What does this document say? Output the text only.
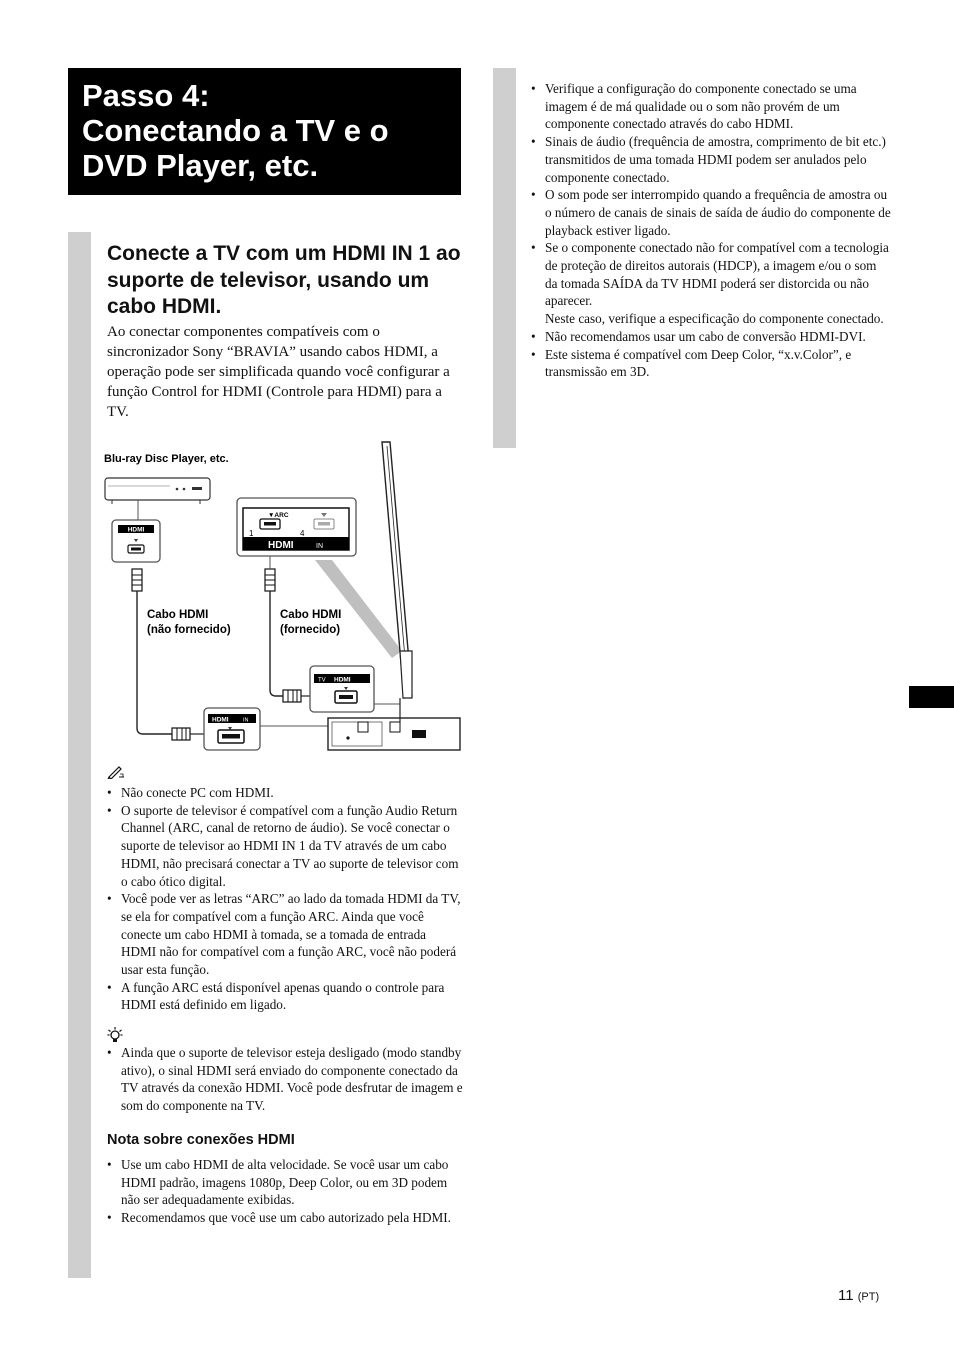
Passo 4:
Conectando a TV e o
DVD Player, etc.
Conecte a TV com um HDMI IN 1 ao suporte de televisor, usando um cabo HDMI.
Ao conectar componentes compatíveis com o sincronizador Sony “BRAVIA” usando cabos HDMI, a operação pode ser simplificada quando você configurar a função Control for HDMI (Controle para HDMI) para a TV.
Blu-ray Disc Player, etc.
HDMI
Cabo HDMI
(não fornecido)
▼ARC
1	4
HDMI	IN
Cabo HDMI
(fornecido)
TV HDMI
HDMI	IN
• Não conecte PC com HDMI.
• O suporte de televisor é compatível com a função Audio Return Channel (ARC, canal de retorno de áudio). Se você conectar o suporte de televisor ao HDMI IN 1 da TV através de um cabo HDMI, não precisará conectar a TV ao suporte de televisor com o cabo ótico digital.
• Você pode ver as letras “ARC” ao lado da tomada HDMI da TV, se ela for compatível com a função ARC. Ainda que você conecte um cabo HDMI à tomada, se a tomada de entrada HDMI não for compatível com a função ARC, você não poderá usar esta função.
• A função ARC está disponível apenas quando o controle para HDMI está definido em ligado.
• Ainda que o suporte de televisor esteja desligado (modo standby ativo), o sinal HDMI será enviado do componente conectado da TV através da conexão HDMI. Você pode desfrutar de imagem e som do componente na TV.
Nota sobre conexões HDMI
• Use um cabo HDMI de alta velocidade. Se você usar um cabo HDMI padrão, imagens 1080p, Deep Color, ou em 3D podem não ser adequadamente exibidas.
• Recomendamos que você use um cabo autorizado pela HDMI.
• Verifique a configuração do componente conectado se uma imagem é de má qualidade ou o som não provém de um componente conectado através do cabo HDMI.
• Sinais de áudio (frequência de amostra, comprimento de bit etc.) transmitidos de uma tomada HDMI podem ser anulados pelo componente conectado.
• O som pode ser interrompido quando a frequência de amostra ou o número de canais de sinais de saída de áudio do componente de playback estiver ligado.
• Se o componente conectado não for compatível com a tecnologia de proteção de direitos autorais (HDCP), a imagem e/ou o som da tomada SAÍDA da TV HDMI poderá ser distorcida ou não aparecer.
Neste caso, verifique a especificação do componente conectado.
• Não recomendamos usar um cabo de conversão HDMI-DVI.
• Este sistema é compatível com Deep Color, “x.v.Color”, e transmissão em 3D.
11 (PT)
